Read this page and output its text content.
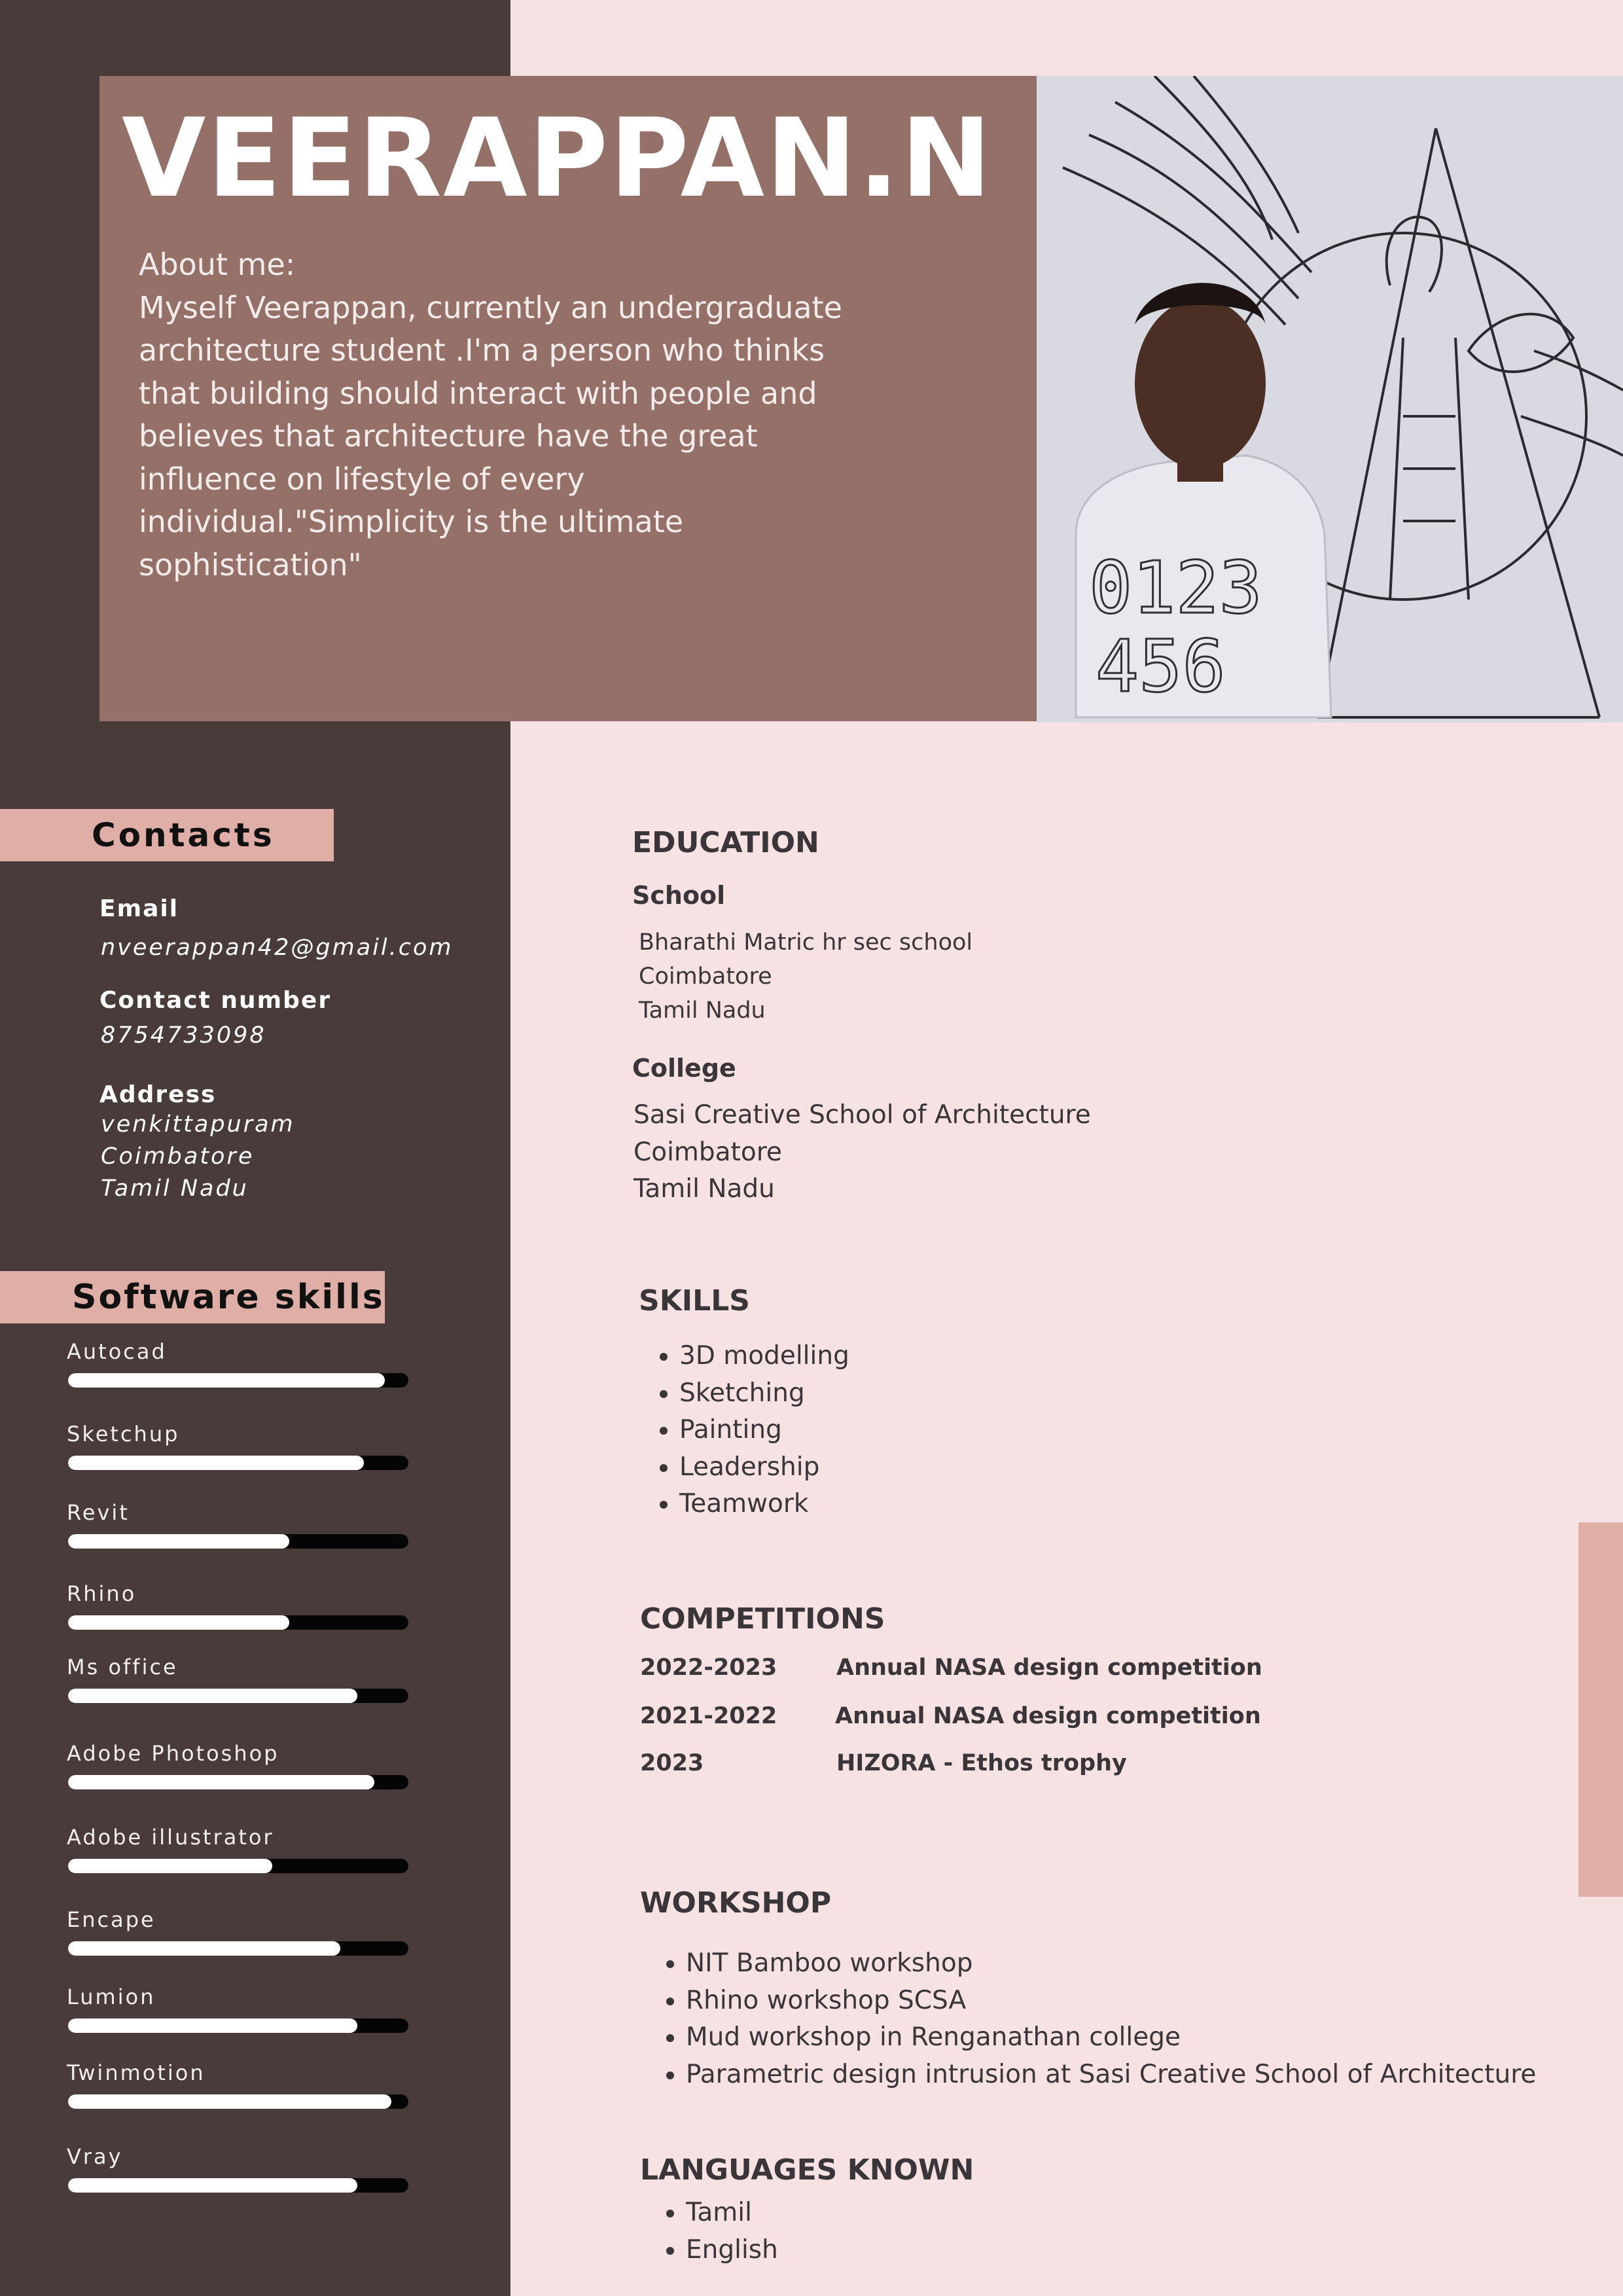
VEERAPPAN.N

About me:
Myself Veerappan, currently an undergraduate architecture student .I'm a person who thinks that building should interact with people and believes that architecture have the great influence on lifestyle of every individual."Simplicity is the ultimate sophistication"	0123
456
Contacts
Email
nveerappan42@gmail.com
Contact number
8754733098
Address
venkittapuram
Coimbatore
Tamil Nadu
Software skills
Autocad
Sketchup
Revit
Rhino
Ms office
Adobe Photoshop
Adobe illustrator
Encape
Lumion
Twinmotion
Vray
EDUCATION
School

Bharathi Matric hr sec school
Coimbatore
Tamil Nadu

College

Sasi Creative School of Architecture
Coimbatore
Tamil Nadu

SKILLS
• 3D modelling
• Sketching
• Painting
• Leadership
• Teamwork
COMPETITIONS
2022-2023	Annual NASA design competition
2021-2022	Annual NASA design competition
2023	HIZORA - Ethos trophy
WORKSHOP
• NIT Bamboo workshop
• Rhino workshop SCSA
• Mud workshop in Renganathan college
• Parametric design intrusion at Sasi Creative School of Architecture
LANGUAGES KNOWN
• Tamil
• English
